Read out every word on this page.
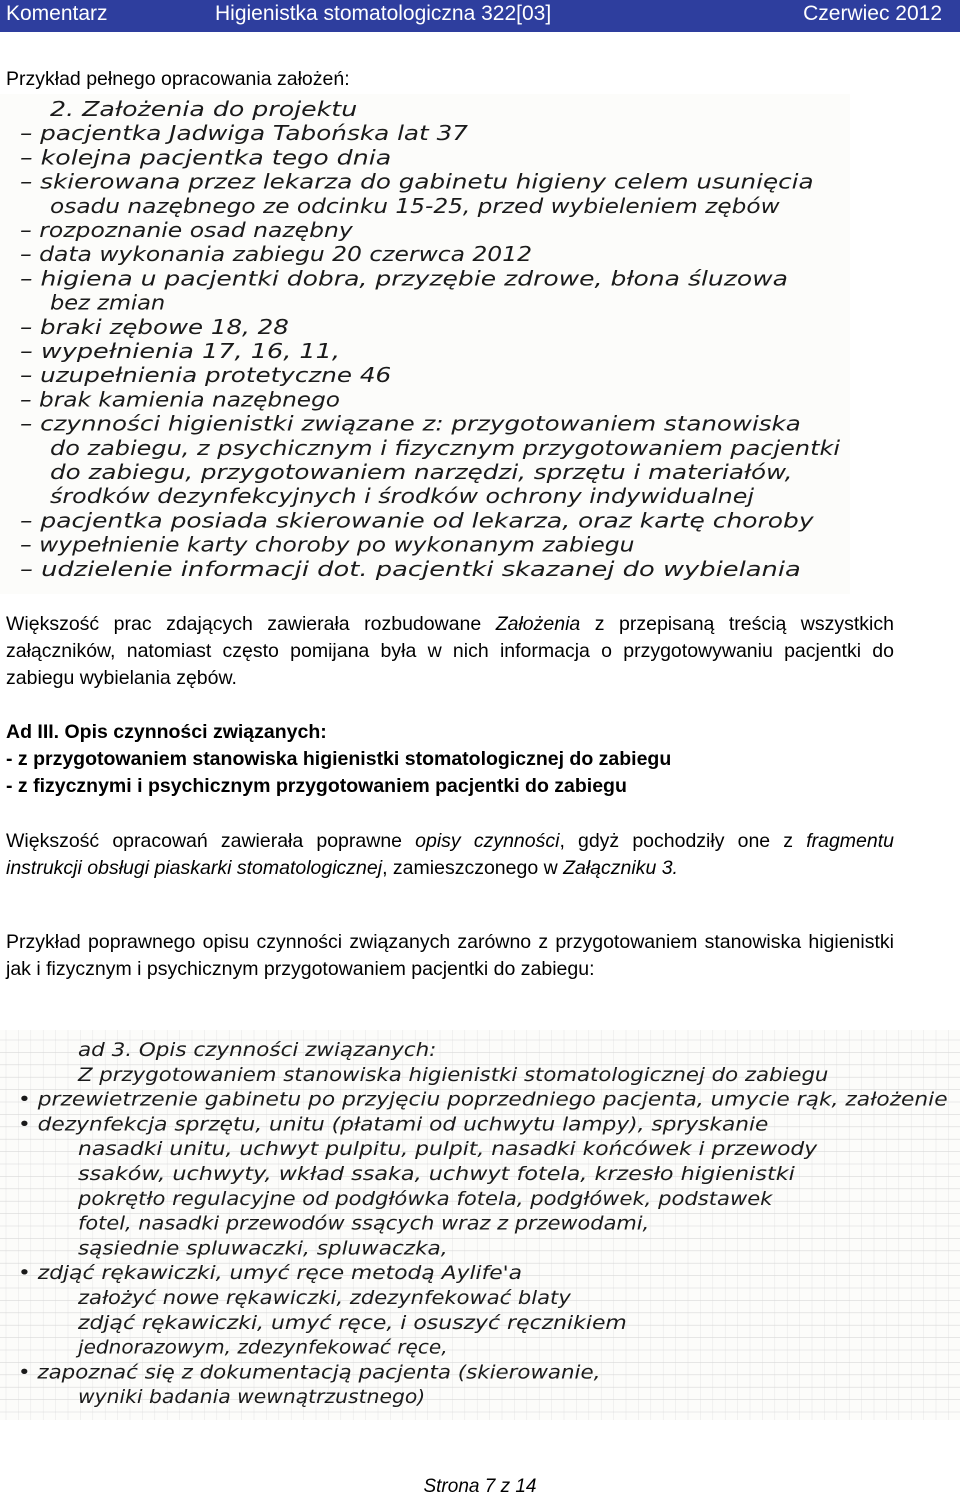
Komentarz	Higienistka stomatologiczna 322[03]	Czerwiec 2012
Przykład pełnego opracowania założeń:
2. Założenia do projektu
– pacjentka Jadwiga Tabońska lat 37
– kolejna pacjentka tego dnia
– skierowana przez lekarza do gabinetu higieny celem usunięcia
osadu nazębnego ze odcinku 15-25, przed wybieleniem zębów
– rozpoznanie osad nazębny
– data wykonania zabiegu 20 czerwca 2012
– higiena u pacjentki dobra, przyzębie zdrowe, błona śluzowa
bez zmian
– braki zębowe 18, 28
– wypełnienia 17, 16, 11,
– uzupełnienia protetyczne 46
– brak kamienia nazębnego
– czynności higienistki związane z: przygotowaniem stanowiska
do zabiegu, z psychicznym i fizycznym przygotowaniem pacjentki
do zabiegu, przygotowaniem narzędzi, sprzętu i materiałów,
środków dezynfekcyjnych i środków ochrony indywidualnej
– pacjentka posiada skierowanie od lekarza, oraz kartę choroby
– wypełnienie karty choroby po wykonanym zabiegu
– udzielenie informacji dot. pacjentki skazanej do wybielania
Większość prac zdających zawierała rozbudowane Założenia z przepisaną treścią wszystkich załączników, natomiast często pomijana była w nich informacja o przygotowywaniu pacjentki do zabiegu wybielania zębów.
Ad III. Opis czynności związanych:
- z przygotowaniem stanowiska higienistki stomatologicznej do zabiegu
- z fizycznymi i psychicznym przygotowaniem pacjentki do zabiegu
Większość opracowań zawierała poprawne opisy czynności, gdyż pochodziły one z fragmentu instrukcji obsługi piaskarki stomatologicznej, zamieszczonego w Załączniku 3.
Przykład poprawnego opisu czynności związanych zarówno z przygotowaniem stanowiska higienistki jak i fizycznym i psychicznym przygotowaniem pacjentki do zabiegu:
ad 3. Opis czynności związanych:
Z przygotowaniem stanowiska higienistki stomatologicznej do zabiegu
• przewietrzenie gabinetu po przyjęciu poprzedniego pacjenta, umycie rąk, założenie
• dezynfekcja sprzętu, unitu (płatami od uchwytu lampy), spryskanie
nasadki unitu, uchwyt pulpitu, pulpit, nasadki końcówek i przewody
ssaków, uchwyty, wkład ssaka, uchwyt fotela, krzesło higienistki
pokrętło regulacyjne od podgłówka fotela, podgłówek, podstawek
fotel, nasadki przewodów ssących wraz z przewodami,
sąsiednie spluwaczki, spluwaczka,
• zdjąć rękawiczki, umyć ręce metodą Aylife'a
założyć nowe rękawiczki, zdezynfekować blaty
zdjąć rękawiczki, umyć ręce, i osuszyć ręcznikiem
jednorazowym, zdezynfekować ręce,
• zapoznać się z dokumentacją pacjenta (skierowanie,
wyniki badania wewnątrzustnego)
Strona 7 z 14
